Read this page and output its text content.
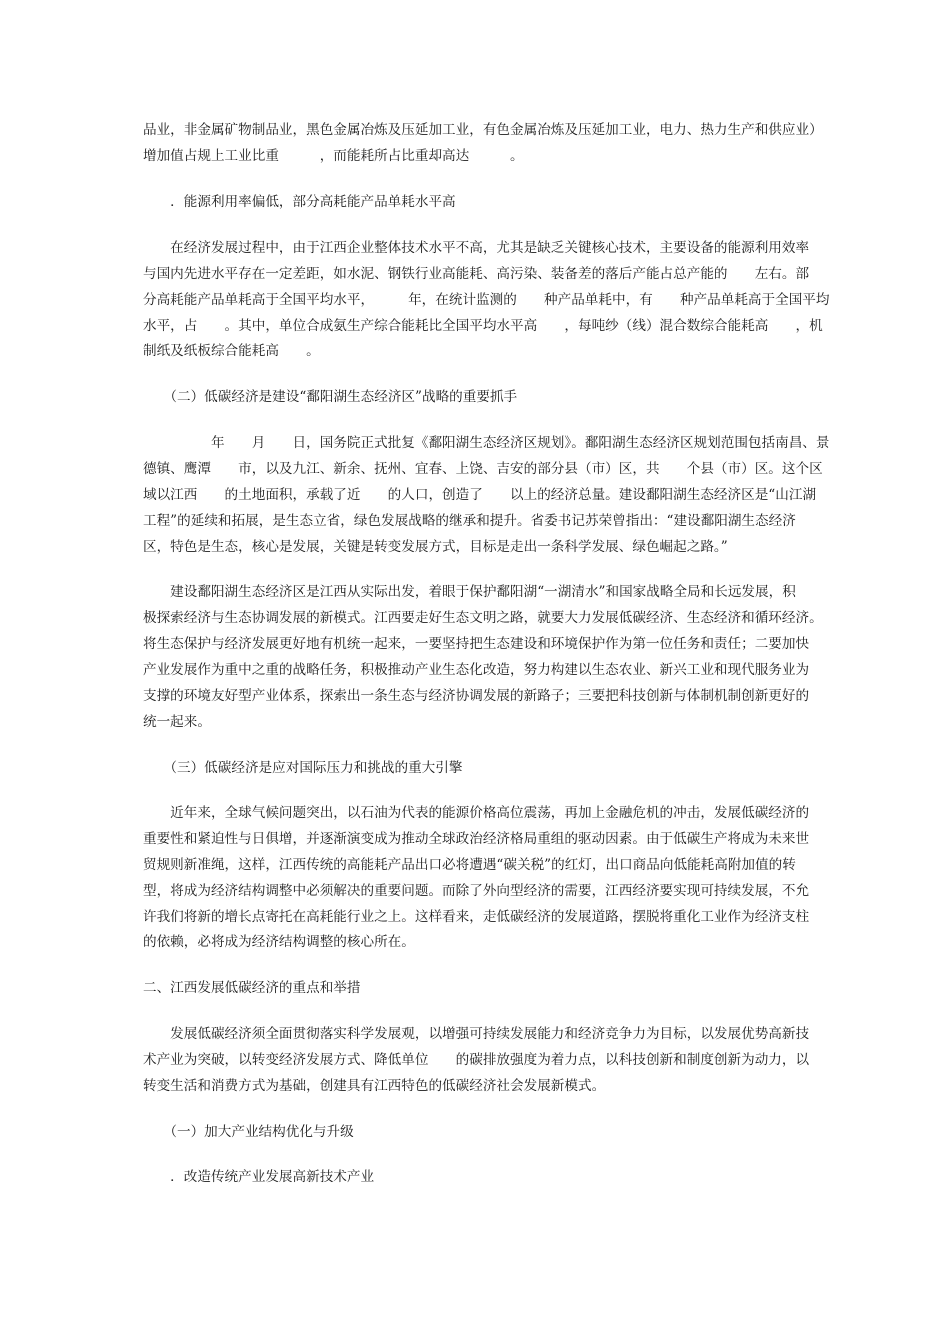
品业，非金属矿物制品业，黑色金属冶炼及压延加工业，有色金属冶炼及压延加工业，电力、热力生产和供应业）
增加值占规上工业比重　　　，而能耗所占比重却高达　　　。
　　．能源利用率偏低，部分高耗能产品单耗水平高
　　在经济发展过程中，由于江西企业整体技术水平不高，尤其是缺乏关键核心技术，主要设备的能源利用效率
与国内先进水平存在一定差距，如水泥、钢铁行业高能耗、高污染、装备差的落后产能占总产能的　　左右。部
分高耗能产品单耗高于全国平均水平，　　　年，在统计监测的　　种产品单耗中，有　　种产品单耗高于全国平均
水平，占　　。其中，单位合成氨生产综合能耗比全国平均水平高　　，每吨纱（线）混合数综合能耗高　　，机
制纸及纸板综合能耗高　　。
　　（二）低碳经济是建设“鄱阳湖生态经济区”战略的重要抓手
　　　　　年　　月　　日，国务院正式批复《鄱阳湖生态经济区规划》。鄱阳湖生态经济区规划范围包括南昌、景
德镇、鹰潭　　市，以及九江、新余、抚州、宜春、上饶、吉安的部分县（市）区，共　　个县（市）区。这个区
域以江西　　的土地面积，承载了近　　的人口，创造了　　以上的经济总量。建设鄱阳湖生态经济区是“山江湖
工程”的延续和拓展，是生态立省，绿色发展战略的继承和提升。省委书记苏荣曾指出：“建设鄱阳湖生态经济
区，特色是生态，核心是发展，关键是转变发展方式，目标是走出一条科学发展、绿色崛起之路。”
　　建设鄱阳湖生态经济区是江西从实际出发，着眼于保护鄱阳湖“一湖清水”和国家战略全局和长远发展，积
极探索经济与生态协调发展的新模式。江西要走好生态文明之路，就要大力发展低碳经济、生态经济和循环经济。
将生态保护与经济发展更好地有机统一起来，一要坚持把生态建设和环境保护作为第一位任务和责任；二要加快
产业发展作为重中之重的战略任务，积极推动产业生态化改造，努力构建以生态农业、新兴工业和现代服务业为
支撑的环境友好型产业体系，探索出一条生态与经济协调发展的新路子；三要把科技创新与体制机制创新更好的
统一起来。
　　（三）低碳经济是应对国际压力和挑战的重大引擎
　　近年来，全球气候问题突出，以石油为代表的能源价格高位震荡，再加上金融危机的冲击，发展低碳经济的
重要性和紧迫性与日俱增，并逐渐演变成为推动全球政治经济格局重组的驱动因素。由于低碳生产将成为未来世
贸规则新准绳，这样，江西传统的高能耗产品出口必将遭遇“碳关税”的红灯，出口商品向低能耗高附加值的转
型，将成为经济结构调整中必须解决的重要问题。而除了外向型经济的需要，江西经济要实现可持续发展，不允
许我们将新的增长点寄托在高耗能行业之上。这样看来，走低碳经济的发展道路，摆脱将重化工业作为经济支柱
的依赖，必将成为经济结构调整的核心所在。
二、江西发展低碳经济的重点和举措
　　发展低碳经济须全面贯彻落实科学发展观，以增强可持续发展能力和经济竞争力为目标，以发展优势高新技
术产业为突破，以转变经济发展方式、降低单位　　的碳排放强度为着力点，以科技创新和制度创新为动力，以
转变生活和消费方式为基础，创建具有江西特色的低碳经济社会发展新模式。
　　（一）加大产业结构优化与升级
　　．改造传统产业发展高新技术产业
